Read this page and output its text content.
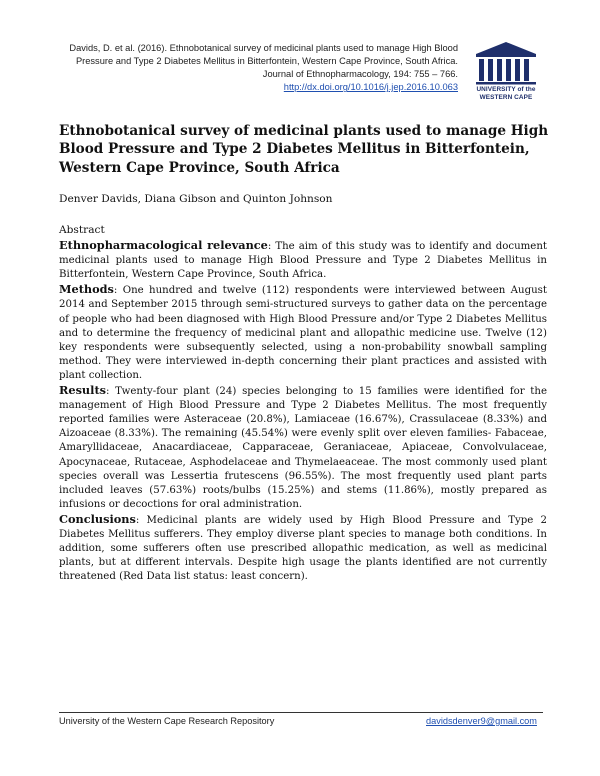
Davids, D. et al. (2016). Ethnobotanical survey of medicinal plants used to manage High Blood
Pressure and Type 2 Diabetes Mellitus in Bitterfontein, Western Cape Province, South Africa.
Journal of Ethnopharmacology, 194: 755 – 766.
http://dx.doi.org/10.1016/j.jep.2016.10.063	UNIVERSITY of the
WESTERN CAPE
Ethnobotanical survey of medicinal plants used to manage High
Blood Pressure and Type 2 Diabetes Mellitus in Bitterfontein,
Western Cape Province, South Africa
Denver Davids, Diana Gibson and Quinton Johnson
Abstract

Ethnopharmacological relevance: The aim of this study was to identify and document medicinal plants used to manage High Blood Pressure and Type 2 Diabetes Mellitus in Bitterfontein, Western Cape Province, South Africa.

Methods: One hundred and twelve (112) respondents were interviewed between August 2014 and September 2015 through semi-structured surveys to gather data on the percentage of people who had been diagnosed with High Blood Pressure and/or Type 2 Diabetes Mellitus and to determine the frequency of medicinal plant and allopathic medicine use. Twelve (12) key respondents were subsequently selected, using a non-probability snowball sampling method. They were interviewed in-depth concerning their plant practices and assisted with plant collection.

Results: Twenty-four plant (24) species belonging to 15 families were identified for the management of High Blood Pressure and Type 2 Diabetes Mellitus. The most frequently reported families were Asteraceae (20.8%), Lamiaceae (16.67%), Crassulaceae (8.33%) and Aizoaceae (8.33%). The remaining (45.54%) were evenly split over eleven families- Fabaceae, Amaryllidaceae, Anacardiaceae, Capparaceae, Geraniaceae, Apiaceae, Convolvulaceae, Apocynaceae, Rutaceae, Asphodelaceae and Thymelaeaceae. The most commonly used plant species overall was Lessertia frutescens (96.55%). The most frequently used plant parts included leaves (57.63%) roots/bulbs (15.25%) and stems (11.86%), mostly prepared as infusions or decoctions for oral administration.

Conclusions: Medicinal plants are widely used by High Blood Pressure and Type 2 Diabetes Mellitus sufferers. They employ diverse plant species to manage both conditions. In addition, some sufferers often use prescribed allopathic medication, as well as medicinal plants, but at different intervals. Despite high usage the plants identified are not currently threatened (Red Data list status: least concern).

University of the Western Cape Research Repository	davidsdenver9@gmail.com
